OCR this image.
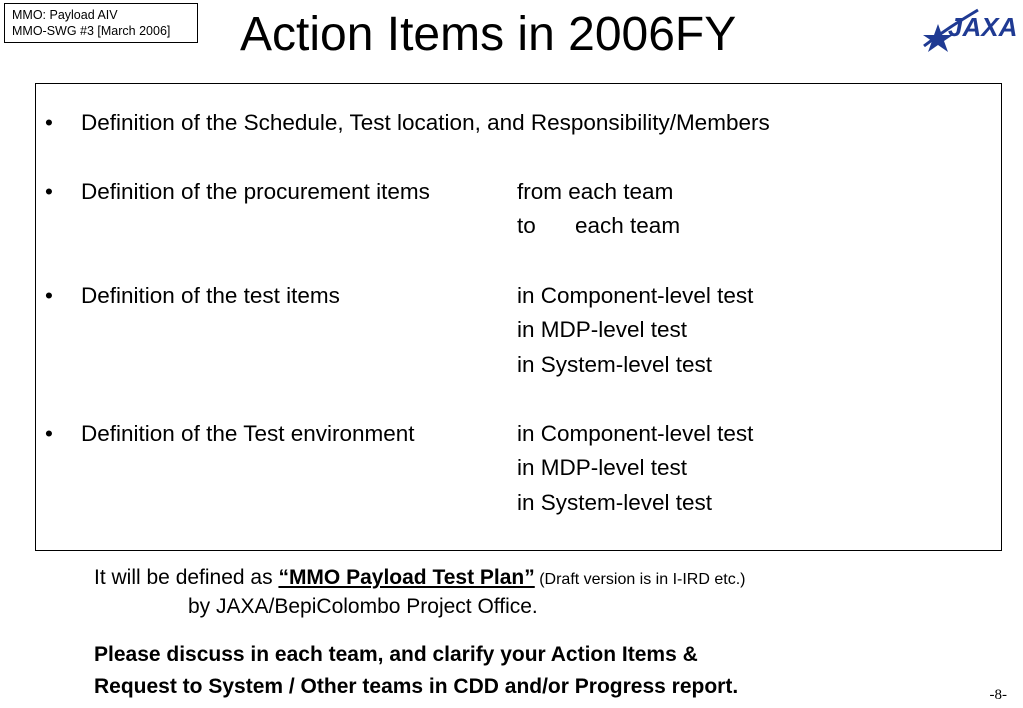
MMO: Payload AIV
MMO-SWG #3 [March 2006]	Action Items in 2006FY	JAXA
• Definition of the Schedule, Test location, and Responsibility/Members
• Definition of the procurement items	from each team
to each team
• Definition of the test items	in Component-level test
in MDP-level test
in System-level test
• Definition of the Test environment	in Component-level test
in MDP-level test
in System-level test
It will be defined as “MMO Payload Test Plan” (Draft version is in I-IRD etc.)
by JAXA/BepiColombo Project Office.
Please discuss in each team, and clarify your Action Items &
Request to System / Other teams in CDD and/or Progress report.	-8-
